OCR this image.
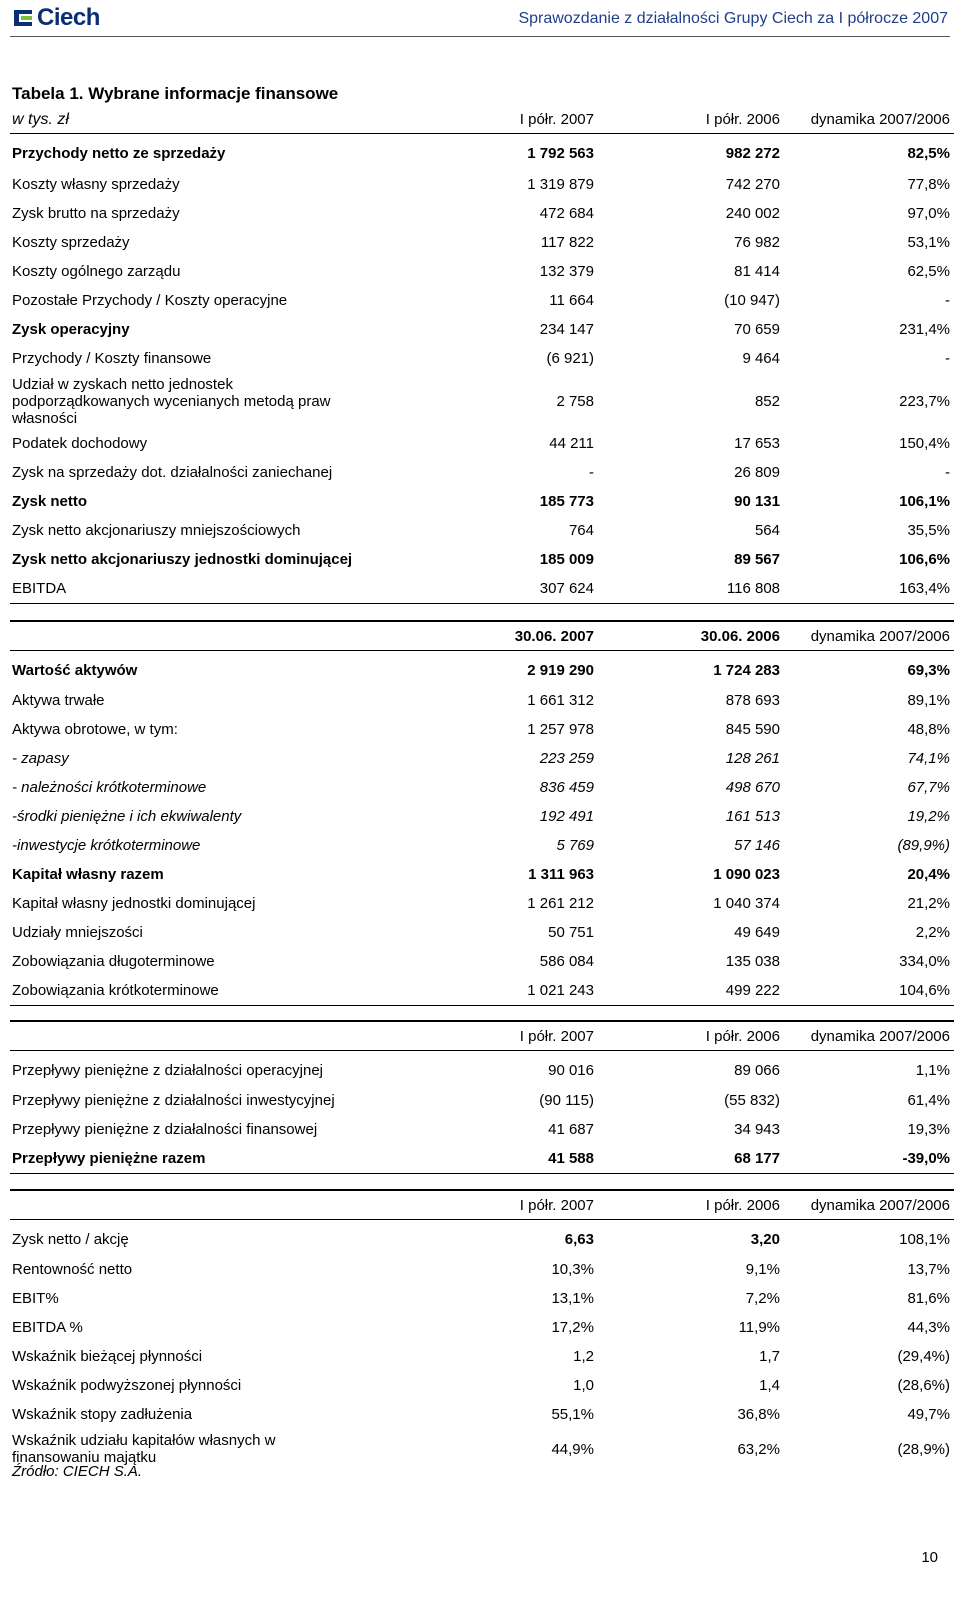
Ciech	Sprawozdanie z działalności Grupy Ciech za I półrocze 2007
Tabela 1. Wybrane informacje finansowe
w tys. zł	I półr. 2007	I półr. 2006	dynamika 2007/2006
Przychody netto ze sprzedaży	1 792 563	982 272	82,5%
Koszty własny sprzedaży	1 319 879	742 270	77,8%
Zysk brutto na sprzedaży	472 684	240 002	97,0%
Koszty sprzedaży	117 822	76 982	53,1%
Koszty ogólnego zarządu	132 379	81 414	62,5%
Pozostałe Przychody / Koszty operacyjne	11 664	(10 947)	-
Zysk operacyjny	234 147	70 659	231,4%
Przychody / Koszty finansowe	(6 921)	9 464	-
Udział w zyskach netto jednostek podporządkowanych wycenianych metodą praw własności	2 758	852	223,7%
Podatek dochodowy	44 211	17 653	150,4%
Zysk na sprzedaży dot. działalności zaniechanej	-	26 809	-
Zysk netto	185 773	90 131	106,1%
Zysk netto akcjonariuszy mniejszościowych	764	564	35,5%
Zysk netto akcjonariuszy jednostki dominującej	185 009	89 567	106,6%
EBITDA	307 624	116 808	163,4%
	30.06. 2007	30.06. 2006	dynamika 2007/2006
Wartość aktywów	2 919 290	1 724 283	69,3%
Aktywa trwałe	1 661 312	878 693	89,1%
Aktywa obrotowe, w tym:	1 257 978	845 590	48,8%
- zapasy	223 259	128 261	74,1%
- należności krótkoterminowe	836 459	498 670	67,7%
-środki pieniężne i ich ekwiwalenty	192 491	161 513	19,2%
-inwestycje krótkoterminowe	5 769	57 146	(89,9%)
Kapitał własny razem	1 311 963	1 090 023	20,4%
Kapitał własny jednostki dominującej	1 261 212	1 040 374	21,2%
Udziały mniejszości	50 751	49 649	2,2%
Zobowiązania długoterminowe	586 084	135 038	334,0%
Zobowiązania krótkoterminowe	1 021 243	499 222	104,6%
	I półr. 2007	I półr. 2006	dynamika 2007/2006
Przepływy pieniężne z działalności operacyjnej	90 016	89 066	1,1%
Przepływy pieniężne z działalności inwestycyjnej	(90 115)	(55 832)	61,4%
Przepływy pieniężne z działalności finansowej	41 687	34 943	19,3%
Przepływy pieniężne razem	41 588	68 177	-39,0%
	I półr. 2007	I półr. 2006	dynamika 2007/2006
Zysk netto / akcję	6,63	3,20	108,1%
Rentowność netto	10,3%	9,1%	13,7%
EBIT%	13,1%	7,2%	81,6%
EBITDA %	17,2%	11,9%	44,3%
Wskaźnik bieżącej płynności	1,2	1,7	(29,4%)
Wskaźnik podwyższonej płynności	1,0	1,4	(28,6%)
Wskaźnik stopy zadłużenia	55,1%	36,8%	49,7%
Wskaźnik udziału kapitałów własnych w finansowaniu majątku	44,9%	63,2%	(28,9%)
Źródło: CIECH S.A.
10
